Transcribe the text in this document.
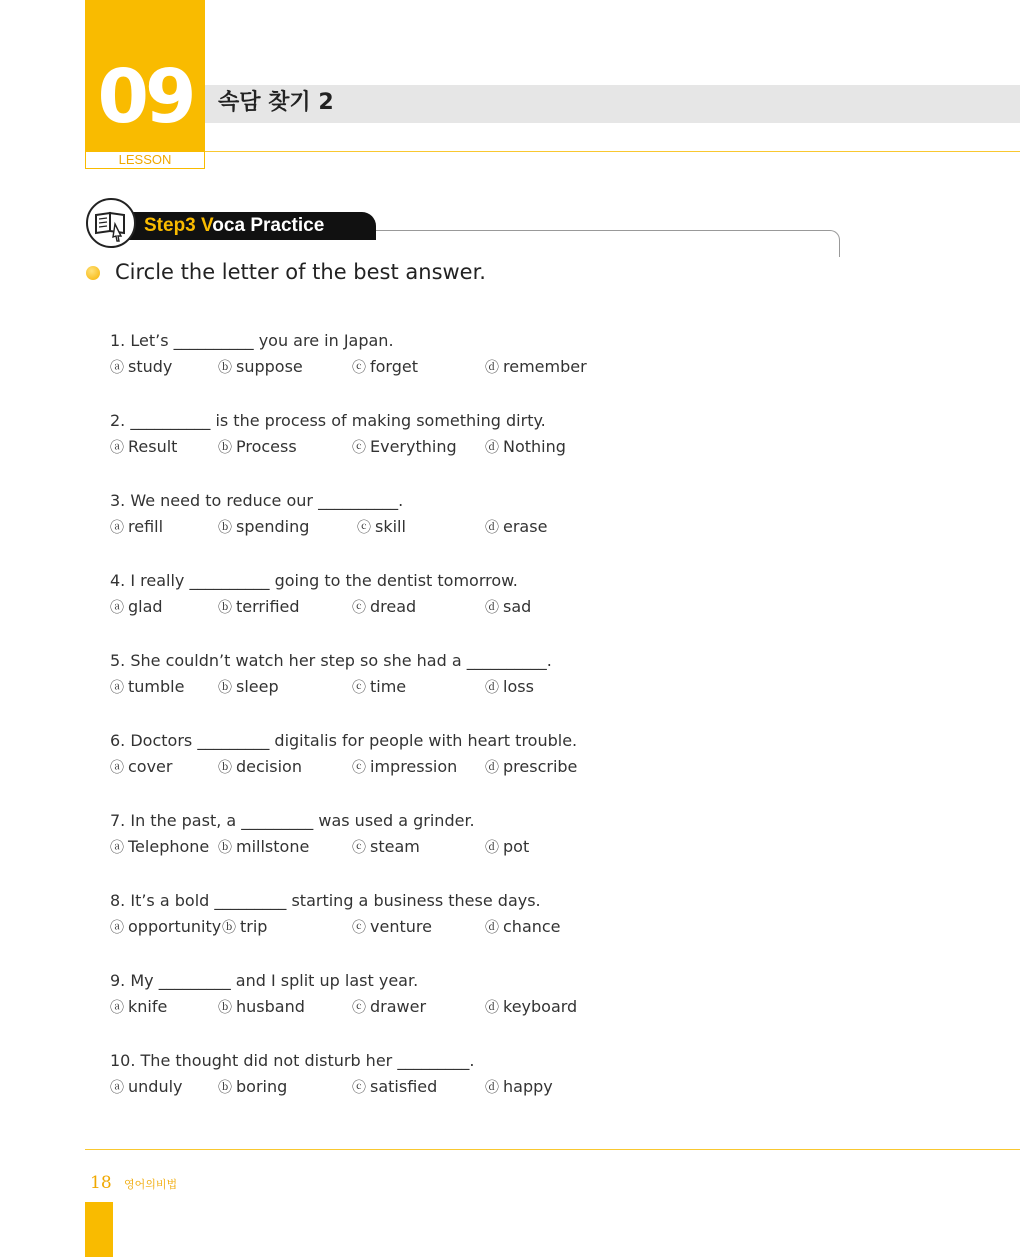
09
LESSON
속담 찾기 2
Step3 Voca Practice
Circle the letter of the best answer.
1. Let’s __________ you are in Japan.
2. __________ is the process of making something dirty.
3. We need to reduce our __________.
4. I really __________ going to the dentist tomorrow.
5. She couldn’t watch her step so she had a __________.
6. Doctors _________ digitalis for people with heart trouble.
7. In the past, a _________ was used a grinder.
8. It’s a bold _________ starting a business these days.
9. My _________ and I split up last year.
10. The thought did not disturb her _________.
ⓐ study	ⓑ suppose	ⓒ forget	ⓓ remember
ⓐ Result	ⓑ Process	ⓒ Everything ⓓ Nothing
ⓐ refill	ⓑ spending	ⓒ skill	ⓓ erase
ⓐ glad	ⓑ terrified	ⓒ dread	ⓓ sad
ⓐ tumble ⓑ sleep	ⓒ time	ⓓ loss
ⓐ cover	ⓑ decision	ⓒ impression ⓓ prescribe
ⓐ Telephone ⓑ millstone	ⓒ steam	ⓓ pot
ⓐ opportunity ⓑ trip	ⓒ venture	ⓓ chance
ⓐ knife	ⓑ husband	ⓒ drawer	ⓓ keyboard
ⓐ unduly	ⓑ boring	ⓒ satisfied	ⓓ happy
18 영어의비법
